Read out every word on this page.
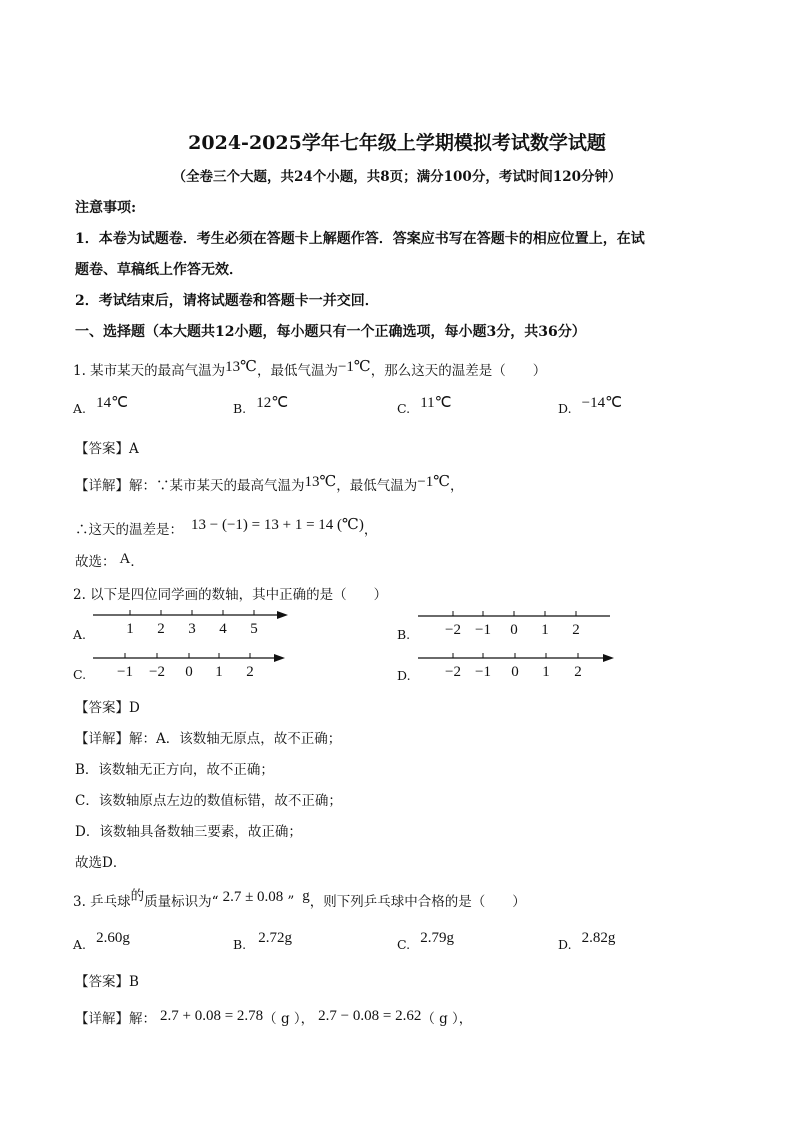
2024-2025学年七年级上学期模拟考试数学试题
（全卷三个大题，共24个小题，共8页；满分100分，考试时间120分钟）
注意事项:
1．本卷为试题卷．考生必须在答题卡上解题作答．答案应书写在答题卡的相应位置上，在试
题卷、草稿纸上作答无效．
2．考试结束后，请将试题卷和答题卡一并交回．
一、选择题（本大题共12小题，每小题只有一个正确选项，每小题3分，共36分）
1. 某市某天的最高气温为13℃，最低气温为−1℃，那么这天的温差是（　　）
A. 14℃	B. 12℃	C. 11℃	D. −14℃
【答案】A
【详解】解：∵某市某天的最高气温为13℃，最低气温为−1℃，
∴这天的温差是： 13 − (−1) = 13 + 1 = 14 (℃)，
故选： A．
2. 以下是四位同学画的数轴，其中正确的是（　　）
A.	1 2 3 4 5	B. −2 −1 0 1 2
C. −1 −2 0 1 2	D. −2 −1 0 1 2
【答案】D
【详解】解：A．该数轴无原点，故不正确；
B．该数轴无正方向，故不正确；
C．该数轴原点左边的数值标错，故不正确；
D．该数轴具备数轴三要素，故正确；
故选D．
3. 乒乓球的质量标识为“ 2.7 ± 0.08 ” g，则下列乒乓球中合格的是（　　）
A. 2.60g	B. 2.72g	C. 2.79g	D. 2.82g
【答案】B
【详解】解： 2.7 + 0.08 = 2.78（ g ）， 2.7 − 0.08 = 2.62（ g ），
